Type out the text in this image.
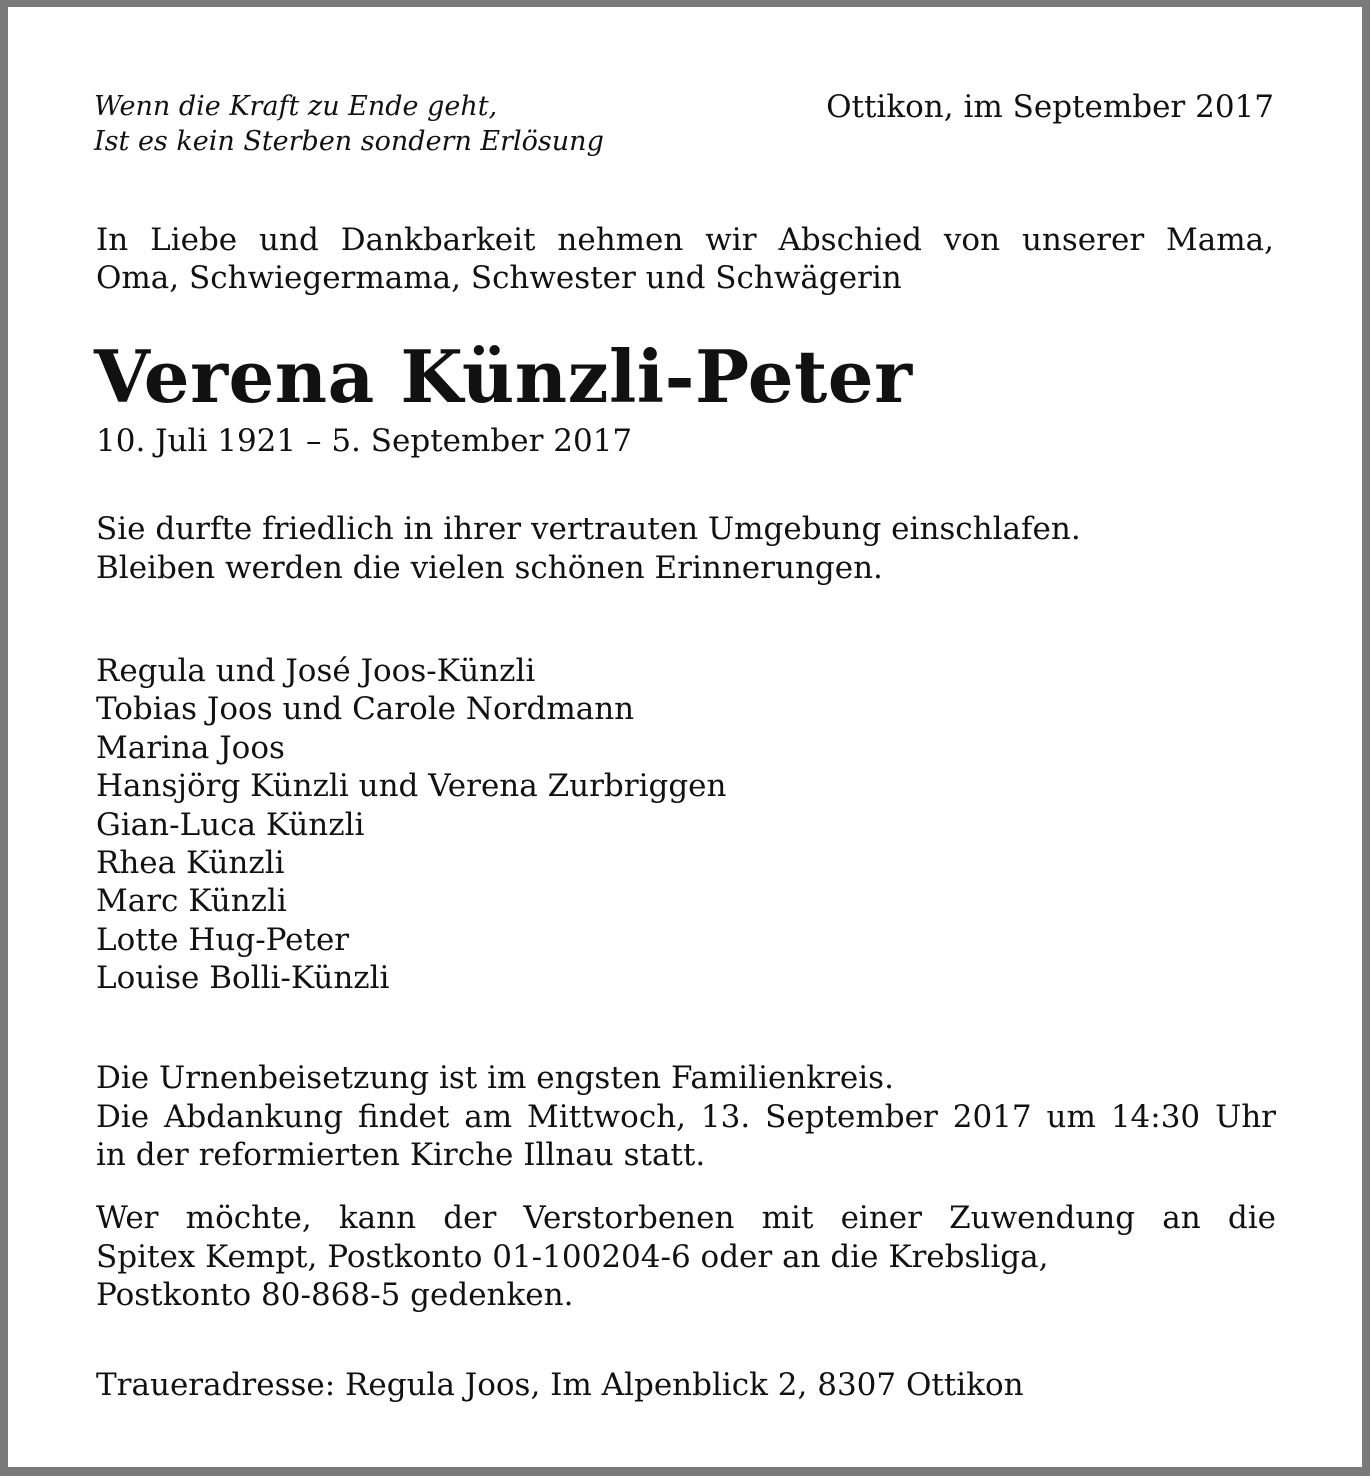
Wenn die Kraft zu Ende geht,
Ist es kein Sterben sondern Erlösung

Ottikon, im September 2017

In Liebe und Dankbarkeit nehmen wir Abschied von unserer Mama,
Oma, Schwiegermama, Schwester und Schwägerin

Verena Künzli-Peter

10. Juli 1921 – 5. September 2017

Sie durfte friedlich in ihrer vertrauten Umgebung einschlafen.
Bleiben werden die vielen schönen Erinnerungen.

Regula und José Joos-Künzli
Tobias Joos und Carole Nordmann
Marina Joos
Hansjörg Künzli und Verena Zurbriggen
Gian-Luca Künzli
Rhea Künzli
Marc Künzli
Lotte Hug-Peter
Louise Bolli-Künzli

Die Urnenbeisetzung ist im engsten Familienkreis.
Die Abdankung findet am Mittwoch, 13. September 2017 um 14:30 Uhr
in der reformierten Kirche Illnau statt.

Wer möchte, kann der Verstorbenen mit einer Zuwendung an die
Spitex Kempt, Postkonto 01-100204-6 oder an die Krebsliga,
Postkonto 80-868-5 gedenken.

Traueradresse: Regula Joos, Im Alpenblick 2, 8307 Ottikon
